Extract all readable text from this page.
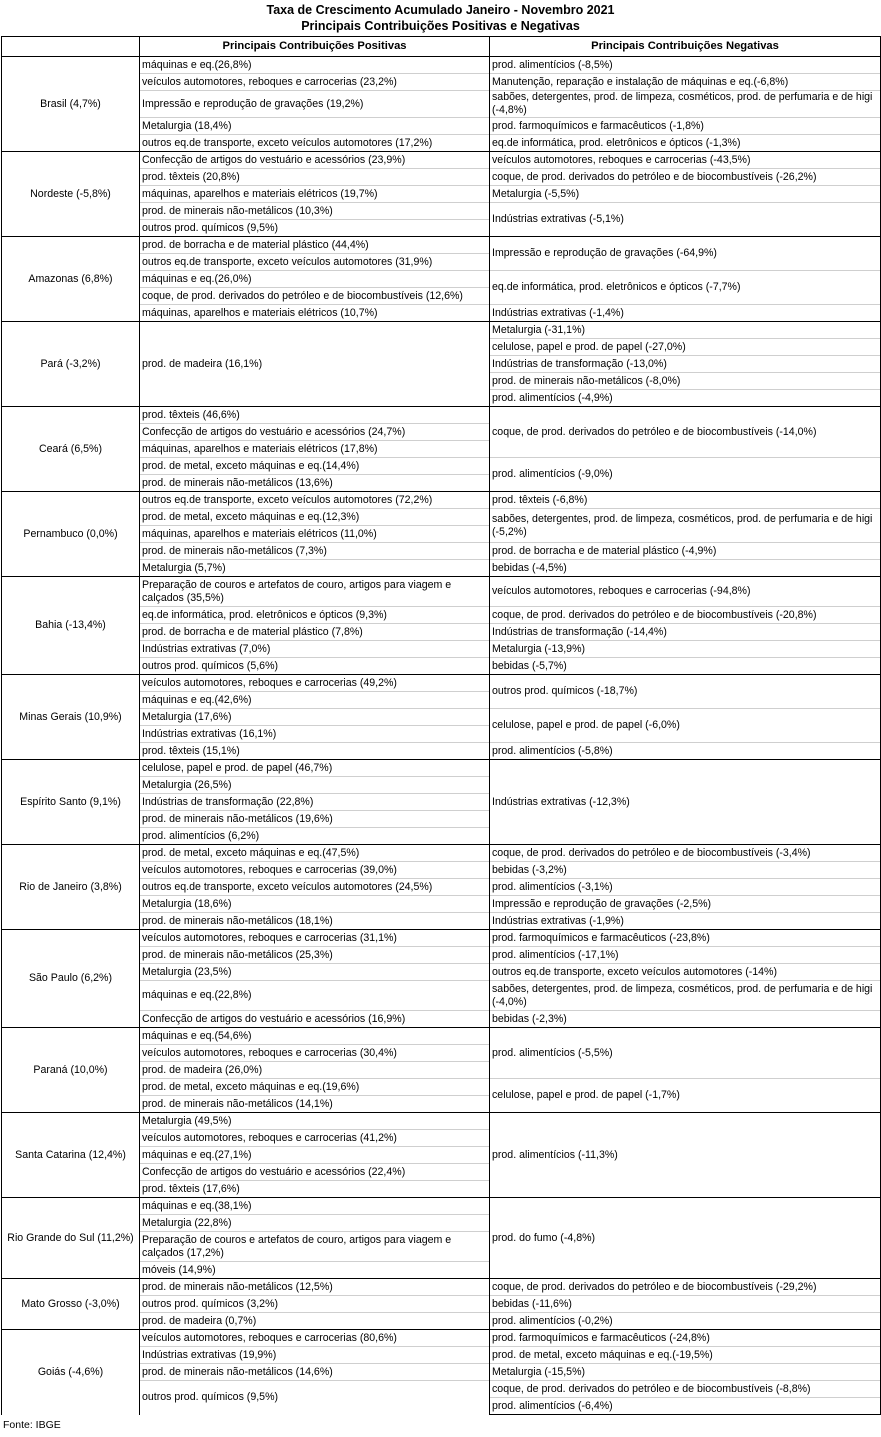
Taxa de Crescimento Acumulado Janeiro - Novembro 2021
Principais Contribuições Positivas e Negativas
	Principais Contribuições Positivas	Principais Contribuições Negativas
Brasil (4,7%)	máquinas e eq.(26,8%)	prod. alimentícios (-8,5%)
	veículos automotores, reboques e carrocerias (23,2%)	Manutenção, reparação e instalação de máquinas e eq.(-6,8%)
	Impressão e reprodução de gravações (19,2%)	sabões, detergentes, prod. de limpeza, cosméticos, prod. de perfumaria e de higi (-4,8%)
	Metalurgia (18,4%)	prod. farmoquímicos e farmacêuticos (-1,8%)
	outros eq.de transporte, exceto veículos automotores (17,2%)	eq.de informática, prod. eletrônicos e ópticos (-1,3%)
Nordeste (-5,8%)	Confecção de artigos do vestuário e acessórios (23,9%)	veículos automotores, reboques e carrocerias (-43,5%)
	prod. têxteis (20,8%)	coque, de prod. derivados do petróleo e de biocombustíveis (-26,2%)
	máquinas, aparelhos e materiais elétricos (19,7%)	Metalurgia (-5,5%)
	prod. de minerais não-metálicos (10,3%)	Indústrias extrativas (-5,1%)
	outros prod. químicos (9,5%)	
Amazonas (6,8%)	prod. de borracha e de material plástico (44,4%)	Impressão e reprodução de gravações (-64,9%)
	outros eq.de transporte, exceto veículos automotores (31,9%)	
	máquinas e eq.(26,0%)	eq.de informática, prod. eletrônicos e ópticos (-7,7%)
	coque, de prod. derivados do petróleo e de biocombustíveis (12,6%)	
	máquinas, aparelhos e materiais elétricos (10,7%)	Indústrias extrativas (-1,4%)
Pará (-3,2%)	prod. de madeira (16,1%)	Metalurgia (-31,1%)
		celulose, papel e prod. de papel (-27,0%)
		Indústrias de transformação (-13,0%)
		prod. de minerais não-metálicos (-8,0%)
		prod. alimentícios (-4,9%)
Ceará (6,5%)	prod. têxteis (46,6%)	coque, de prod. derivados do petróleo e de biocombustíveis (-14,0%)
	Confecção de artigos do vestuário e acessórios (24,7%)	
	máquinas, aparelhos e materiais elétricos (17,8%)	
	prod. de metal, exceto máquinas e eq.(14,4%)	prod. alimentícios (-9,0%)
	prod. de minerais não-metálicos (13,6%)	
Pernambuco (0,0%)	outros eq.de transporte, exceto veículos automotores (72,2%)	prod. têxteis (-6,8%)
	prod. de metal, exceto máquinas e eq.(12,3%)	sabões, detergentes, prod. de limpeza, cosméticos, prod. de perfumaria e de higi (-5,2%)
	máquinas, aparelhos e materiais elétricos (11,0%)	
	prod. de minerais não-metálicos (7,3%)	prod. de borracha e de material plástico (-4,9%)
	Metalurgia (5,7%)	bebidas (-4,5%)
Bahia (-13,4%)	Preparação de couros e artefatos de couro, artigos para viagem e calçados (35,5%)	veículos automotores, reboques e carrocerias (-94,8%)
	eq.de informática, prod. eletrônicos e ópticos (9,3%)	coque, de prod. derivados do petróleo e de biocombustíveis (-20,8%)
	prod. de borracha e de material plástico (7,8%)	Indústrias de transformação (-14,4%)
	Indústrias extrativas (7,0%)	Metalurgia (-13,9%)
	outros prod. químicos (5,6%)	bebidas (-5,7%)
Minas Gerais (10,9%)	veículos automotores, reboques e carrocerias (49,2%)	outros prod. químicos (-18,7%)
	máquinas e eq.(42,6%)	
	Metalurgia (17,6%)	celulose, papel e prod. de papel (-6,0%)
	Indústrias extrativas (16,1%)	
	prod. têxteis (15,1%)	prod. alimentícios (-5,8%)
Espírito Santo (9,1%)	celulose, papel e prod. de papel (46,7%)	Indústrias extrativas (-12,3%)
	Metalurgia (26,5%)	
	Indústrias de transformação (22,8%)	
	prod. de minerais não-metálicos (19,6%)	
	prod. alimentícios (6,2%)	
Rio de Janeiro (3,8%)	prod. de metal, exceto máquinas e eq.(47,5%)	coque, de prod. derivados do petróleo e de biocombustíveis (-3,4%)
	veículos automotores, reboques e carrocerias (39,0%)	bebidas (-3,2%)
	outros eq.de transporte, exceto veículos automotores (24,5%)	prod. alimentícios (-3,1%)
	Metalurgia (18,6%)	Impressão e reprodução de gravações (-2,5%)
	prod. de minerais não-metálicos (18,1%)	Indústrias extrativas (-1,9%)
São Paulo (6,2%)	veículos automotores, reboques e carrocerias (31,1%)	prod. farmoquímicos e farmacêuticos (-23,8%)
	prod. de minerais não-metálicos (25,3%)	prod. alimentícios (-17,1%)
	Metalurgia (23,5%)	outros eq.de transporte, exceto veículos automotores (-14%)
	máquinas e eq.(22,8%)	sabões, detergentes, prod. de limpeza, cosméticos, prod. de perfumaria e de higi (-4,0%)
	Confecção de artigos do vestuário e acessórios (16,9%)	bebidas (-2,3%)
Paraná (10,0%)	máquinas e eq.(54,6%)	prod. alimentícios (-5,5%)
	veículos automotores, reboques e carrocerias (30,4%)	
	prod. de madeira (26,0%)	
	prod. de metal, exceto máquinas e eq.(19,6%)	celulose, papel e prod. de papel (-1,7%)
	prod. de minerais não-metálicos (14,1%)	
Santa Catarina (12,4%)	Metalurgia (49,5%)	prod. alimentícios (-11,3%)
	veículos automotores, reboques e carrocerias (41,2%)	
	máquinas e eq.(27,1%)	
	Confecção de artigos do vestuário e acessórios (22,4%)	
	prod. têxteis (17,6%)	
Rio Grande do Sul (11,2%)	máquinas e eq.(38,1%)	prod. do fumo (-4,8%)
	Metalurgia (22,8%)	
	Preparação de couros e artefatos de couro, artigos para viagem e calçados (17,2%)	
	móveis (14,9%)	
Mato Grosso (-3,0%)	prod. de minerais não-metálicos (12,5%)	coque, de prod. derivados do petróleo e de biocombustíveis (-29,2%)
	outros prod. químicos (3,2%)	bebidas (-11,6%)
	prod. de madeira (0,7%)	prod. alimentícios (-0,2%)
Goiás (-4,6%)	veículos automotores, reboques e carrocerias (80,6%)	prod. farmoquímicos e farmacêuticos (-24,8%)
	Indústrias extrativas (19,9%)	prod. de metal, exceto máquinas e eq.(-19,5%)
	prod. de minerais não-metálicos (14,6%)	Metalurgia (-15,5%)
	outros prod. químicos (9,5%)	coque, de prod. derivados do petróleo e de biocombustíveis (-8,8%)
		prod. alimentícios (-6,4%)
Fonte: IBGE
